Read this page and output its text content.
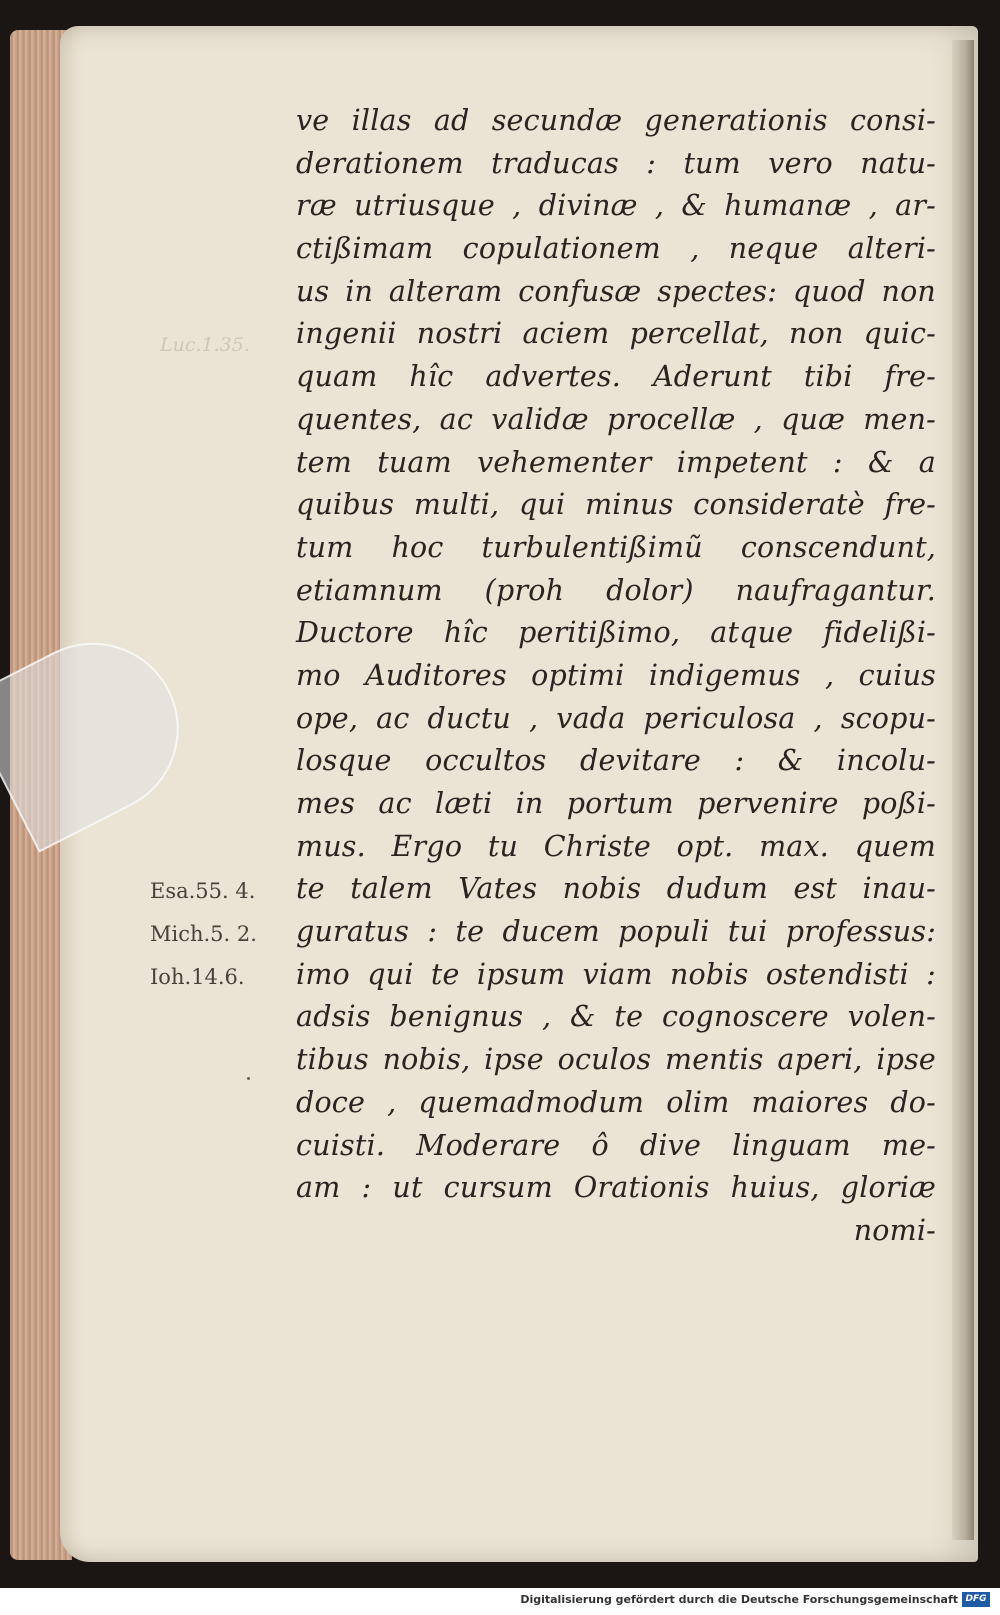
Luc.1.35.
ve illas ad secundæ generationis consi-
derationem traducas : tum vero natu-
ræ utriusque , divinæ , & humanæ , ar-
ctißimam copulationem , neque alteri-
us in alteram confusæ spectes: quod non
ingenii nostri aciem percellat, non quic-
quam hîc advertes. Aderunt tibi fre-
quentes, ac validæ procellæ , quæ men-
tem tuam vehementer impetent : & a
quibus multi, qui minus consideratè fre-
tum hoc turbulentißimũ conscendunt,
etiamnum (proh dolor) naufragantur.
Ductore hîc peritißimo, atque fidelißi-
mo Auditores optimi indigemus , cuius
ope, ac ductu , vada periculosa , scopu-
losque occultos devitare : & incolu-
mes ac læti in portum pervenire poßi-
mus. Ergo tu Christe opt. max. quem
te talem Vates nobis dudum est inau-
guratus : te ducem populi tui professus:
imo qui te ipsum viam nobis ostendisti :
adsis benignus , & te cognoscere volen-
tibus nobis, ipse oculos mentis aperi, ipse
doce , quemadmodum olim maiores do-
cuisti. Moderare ô dive linguam me-
am : ut cursum Orationis huius, gloriæ
nomi-
Esa.55. 4.
Mich.5. 2.
Ioh.14.6.
Digitalisierung gefördert durch die Deutsche Forschungsgemeinschaft DFG
